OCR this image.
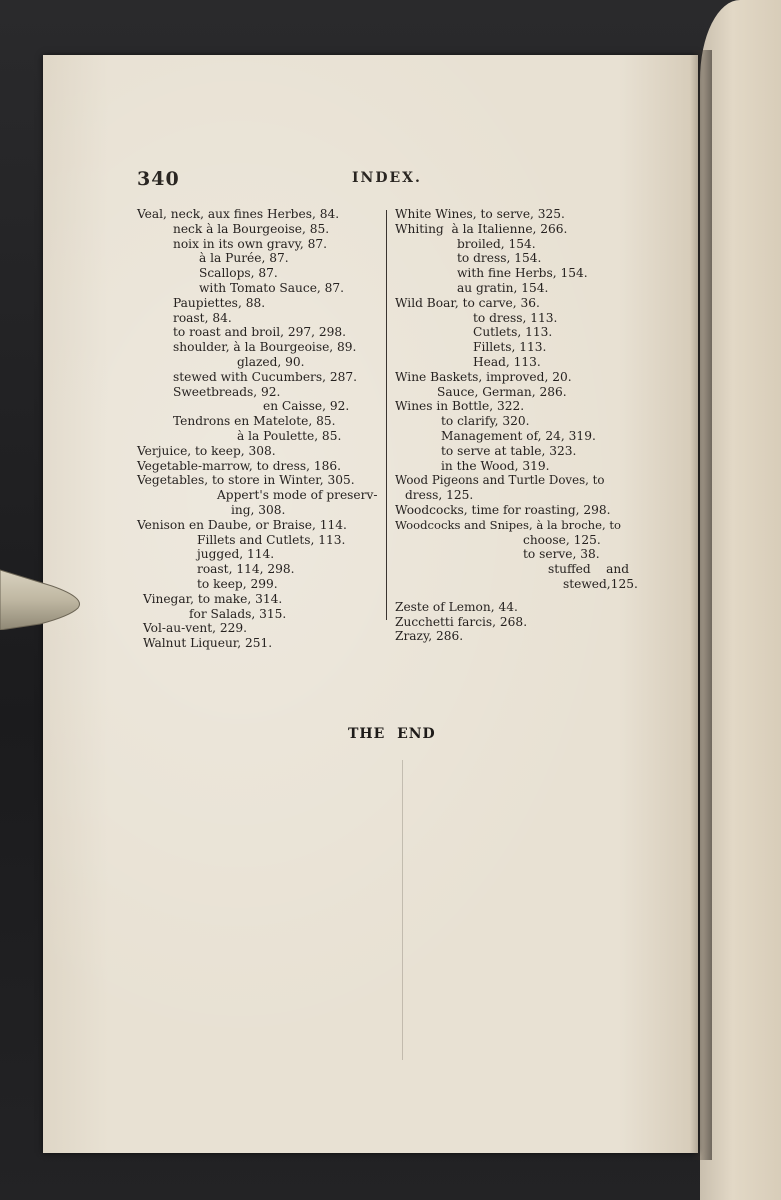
340	INDEX.
Veal, neck, aux fines Herbes, 84.
neck à la Bourgeoise, 85.
noix in its own gravy, 87.
à la Purée, 87.
Scallops, 87.
with Tomato Sauce, 87.
Paupiettes, 88.
roast, 84.
to roast and broil, 297, 298.
shoulder, à la Bourgeoise, 89.
glazed, 90.
stewed with Cucumbers, 287.
Sweetbreads, 92.
en Caisse, 92.
Tendrons en Matelote, 85.
à la Poulette, 85.
Verjuice, to keep, 308.
Vegetable-marrow, to dress, 186.
Vegetables, to store in Winter, 305.
Appert's mode of preserv-
ing, 308.
Venison en Daube, or Braise, 114.
Fillets and Cutlets, 113.
jugged, 114.
roast, 114, 298.
to keep, 299.
Vinegar, to make, 314.
for Salads, 315.
Vol-au-vent, 229.
Walnut Liqueur, 251.
White Wines, to serve, 325.
Whiting  à la Italienne, 266.
broiled, 154.
to dress, 154.
with fine Herbs, 154.
au gratin, 154.
Wild Boar, to carve, 36.
to dress, 113.
Cutlets, 113.
Fillets, 113.
Head, 113.
Wine Baskets, improved, 20.
Sauce, German, 286.
Wines in Bottle, 322.
to clarify, 320.
Management of, 24, 319.
to serve at table, 323.
in the Wood, 319.
Wood Pigeons and Turtle Doves, to
dress, 125.
Woodcocks, time for roasting, 298.
Woodcocks and Snipes, à la broche, to
choose, 125.
to serve, 38.
stuffed    and
stewed,125.
Zeste of Lemon, 44.
Zucchetti farcis, 268.
Zrazy, 286.
THE  END
